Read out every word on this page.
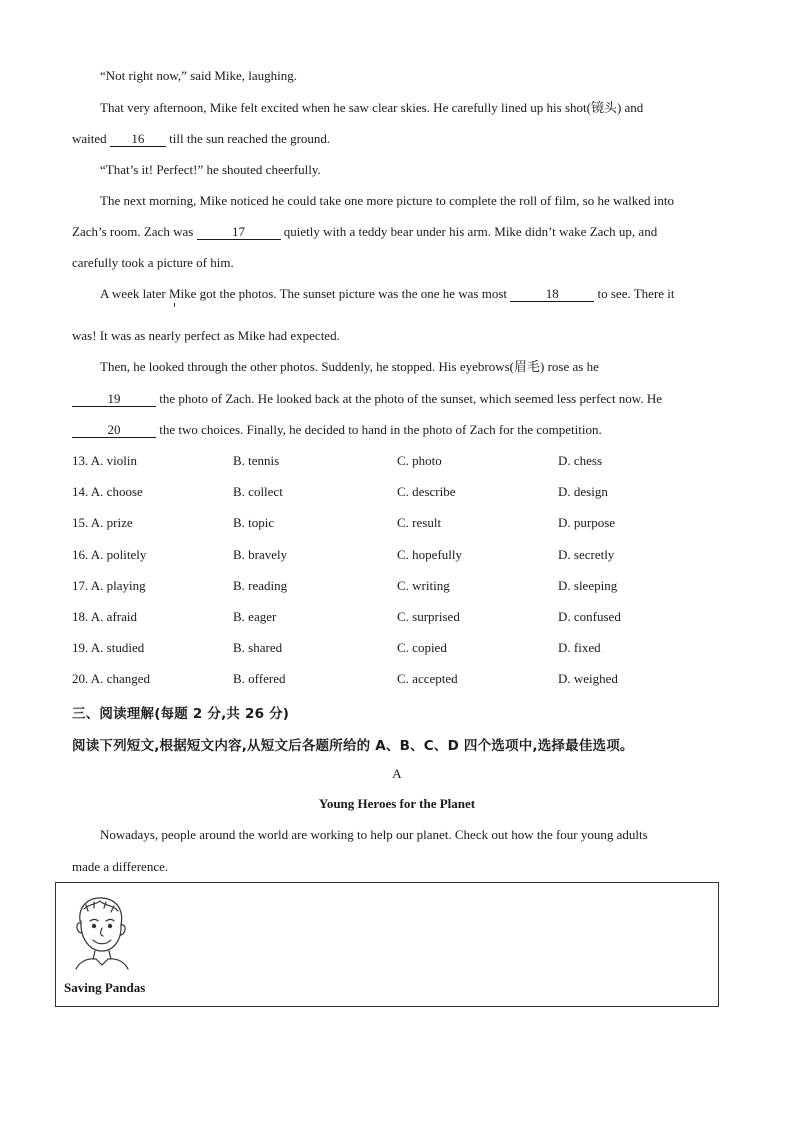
“Not right now,” said Mike, laughing.
That very afternoon, Mike felt excited when he saw clear skies. He carefully lined up his shot(镜头) and
waited 16 till the sun reached the ground.
“That’s it! Perfect!” he shouted cheerfully.
The next morning, Mike noticed he could take one more picture to complete the roll of film, so he walked into
Zach’s room. Zach was	17	quietly with a teddy bear under his arm. Mike didn’t wake Zach up, and
carefully took a picture of him.
A week later Mike got the photos. The sunset picture was the one he was most	18	to see. There it
was! It was as nearly perfect as Mike had expected.
Then, he looked through the other photos. Suddenly, he stopped. His eyebrows(眉毛) rose as he
19	the photo of Zach. He looked back at the photo of the sunset, which seemed less perfect now. He
20	the two choices. Finally, he decided to hand in the photo of Zach for the competition.
13. A. violin	B. tennis	C. photo	D. chess
14. A. choose	B. collect	C. describe	D. design
15. A. prize	B. topic	C. result	D. purpose
16. A. politely	B. bravely	C. hopefully	D. secretly
17. A. playing	B. reading	C. writing	D. sleeping
18. A. afraid	B. eager	C. surprised	D. confused
19. A. studied	B. shared	C. copied	D. fixed
20. A. changed	B. offered	C. accepted	D. weighed
三、阅读理解(每题 2 分,共 26 分)
阅读下列短文,根据短文内容,从短文后各题所给的 A、B、C、D 四个选项中,选择最佳选项。
A
Young Heroes for the Planet
Nowadays, people around the world are working to help our planet. Check out how the four young adults
made a difference.
Saving Pandas
